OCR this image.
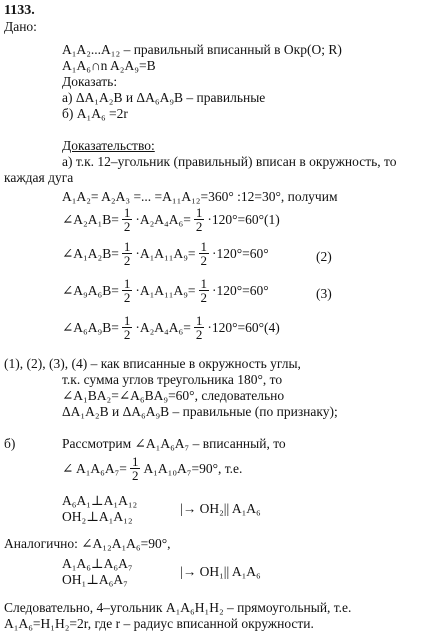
1133.
Дано:
A₁A₂...A₁₂ – правильный вписанный в Окр(О; R)
A₁A₆∩n A₂A₉=B
Доказать:
а) ΔA₁A₂B и ΔA₆A₉B – правильные
б) A₁A₆ =2r
Доказательство:
а) т.к. 12–угольник (правильный) вписан в окружность, то
каждая дуга
A₁A₂= A₂A₃ =... =A₁₁A₁₂=360° :12=30°, получим
∠A₂A₁B= $\frac{1}{2} \cdot A_2A_4A_6= \frac{1}{2} \cdot 120^\circ=60^\circ(1)$
∠A₁A₂B= $\frac{1}{2} \cdot A_1A_{11}A_9= \frac{1}{2} \cdot 120^\circ=60^\circ$	(2)
∠A₉A₆B= $\frac{1}{2} \cdot A_1A_{11}A_9= \frac{1}{2} \cdot 120^\circ=60^\circ$	(3)
∠A₆A₉B= $\frac{1}{2} \cdot A_2A_4A_6= \frac{1}{2} \cdot 120^\circ=60^\circ(4)$
(1), (2), (3), (4) – как вписанные в окружность углы,
т.к. сумма углов треугольника 180°, то
∠A₁BA₂=∠A₆BA₉=60°, следовательно
ΔA₁A₂B и ΔA₆A₉B – правильные (по признаку);
б)	Рассмотрим ∠A₁A₆A₇ – вписанный, то
∠ $A_1A_6A_7= \frac{1}{2} A_1A_{10}A_7=90^\circ$, т.е.
A₆A₁⊥A₁A₁₂
OH₂⊥A₁A₁₂
|→ OH₂|| A₁A₆
Аналогично: ∠A₁₂A₁A₆=90°,
A₁A₆⊥A₆A₇
OH₁⊥A₆A₇
|→ OH₁|| A₁A₆
Следовательно, 4–угольник A₁A₆H₁H₂ – прямоугольный, т.е.
A₁A₆=H₁H₂=2r, где r – радиус вписанной окружности.
